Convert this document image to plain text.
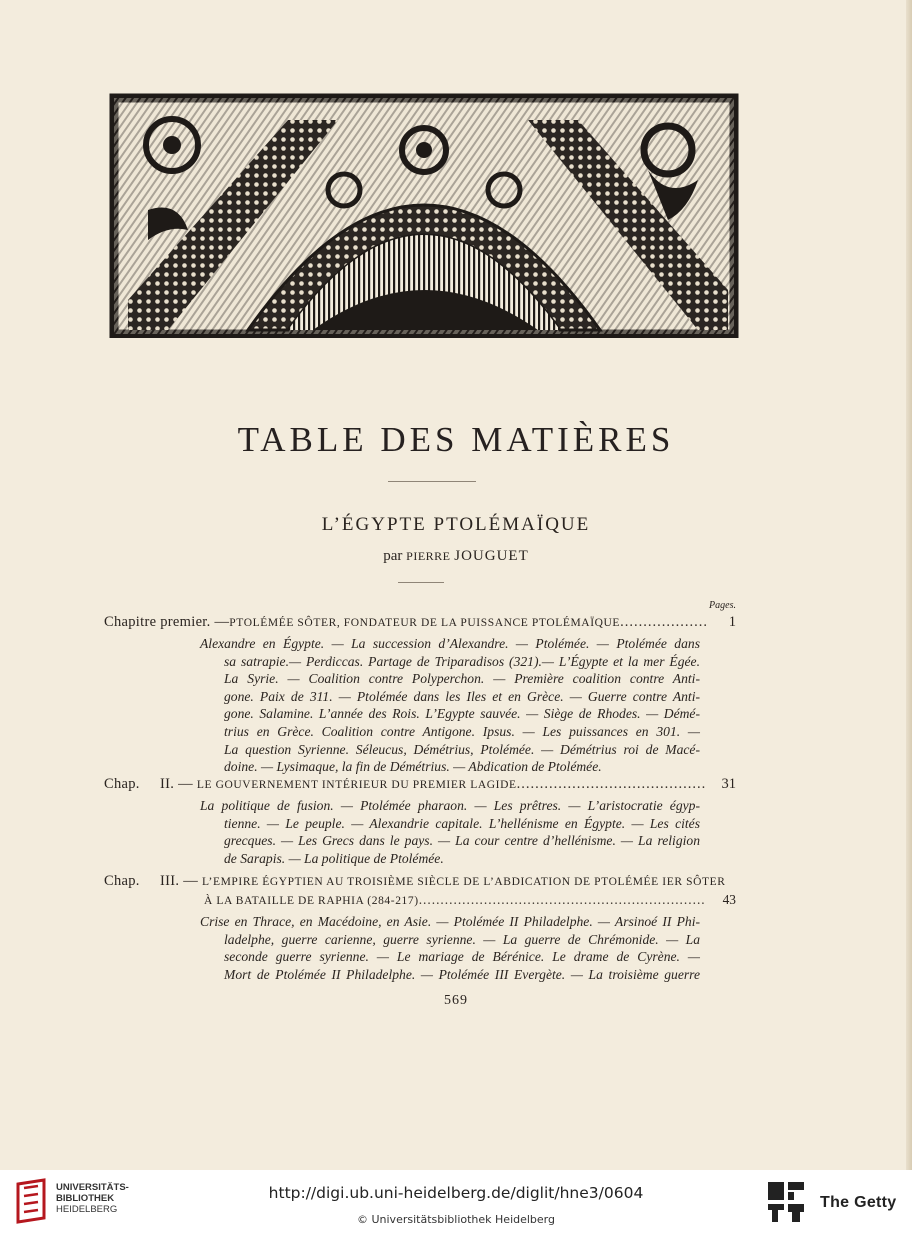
TABLE DES MATIÈRES
L’ÉGYPTE PTOLÉMAÏQUE
par PIERRE JOUGUET
Pages.
Chapitre premier. — PTOLÉMÉE SÔTER, FONDATEUR DE LA PUISSANCE PTOLÉMAÏQUE .....	1
Alexandre en Égypte. — La succession d’Alexandre. — Ptolémée. — Ptolémée dans
sa satrapie.— Perdiccas. Partage de Triparadisos (321).— L’Égypte et la mer Égée.
La Syrie. — Coalition contre Polyperchon. — Première coalition contre Anti-
gone. Paix de 311. — Ptolémée dans les Iles et en Grèce. — Guerre contre Anti-
gone. Salamine. L’année des Rois. L’Egypte sauvée. — Siège de Rhodes. — Démé-
trius en Grèce. Coalition contre Antigone. Ipsus. — Les puissances en 301. —
La question Syrienne. Séleucus, Démétrius, Ptolémée. — Démétrius roi de Macé-
doine. — Lysimaque, la fin de Démétrius. — Abdication de Ptolémée.
Chap.	II. — LE GOUVERNEMENT INTÉRIEUR DU PREMIER LAGIDE .....	31
La politique de fusion. — Ptolémée pharaon. — Les prêtres. — L’aristocratie égyp-
tienne. — Le peuple. — Alexandrie capitale. L’hellénisme en Égypte. — Les cités
grecques. — Les Grecs dans le pays. — La cour centre d’hellénisme. — La religion
de Sarapis. — La politique de Ptolémée.
Chap.	III. — L’EMPIRE ÉGYPTIEN AU TROISIÈME SIÈCLE DE L’ABDICATION DE PTOLÉMÉE IER SÔTER
À LA BATAILLE DE RAPHIA (284-217) .....	43
Crise en Thrace, en Macédoine, en Asie. — Ptolémée II Philadelphe. — Arsinoé II Phi-
ladelphe, guerre carienne, guerre syrienne. — La guerre de Chrémonide. — La
seconde guerre syrienne. — Le mariage de Bérénice. Le drame de Cyrène. —
Mort de Ptolémée II Philadelphe. — Ptolémée III Evergète. — La troisième guerre
569
UNIVERSITÄTS-
BIBLIOTHEK
HEIDELBERG
http://digi.ub.uni-heidelberg.de/diglit/hne3/0604
© Universitätsbibliothek Heidelberg
The Getty
